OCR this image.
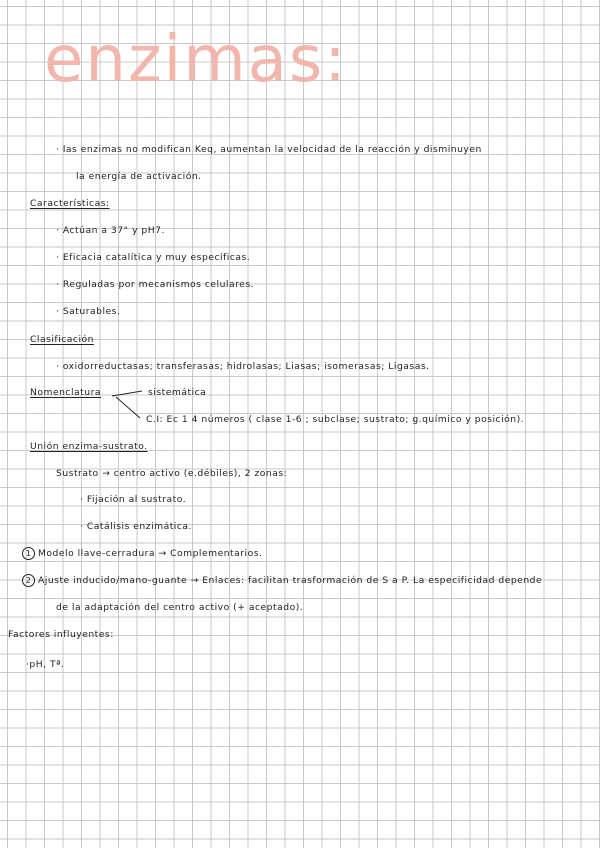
enzimas:
· las enzimas no modifican Keq, aumentan la velocidad de la reacción y disminuyen
la energía de activación.
Características:
· Actúan a 37° y pH7.
· Eficacia catalítica y muy específicas.
· Reguladas por mecanismos celulares.
· Saturables.
Clasificación
· oxidorreductasas; transferasas; hidrolasas; Liasas; isomerasas; Ligasas.
Nomenclatura	sistemática
C.I: Ec 1 4 números ( clase 1-6 ; subclase; sustrato; g.químico y posición).
Unión enzima-sustrato.
Sustrato → centro activo (e.débiles), 2 zonas:
· Fijación al sustrato.
· Catálisis enzimática.
1 Modelo llave-cerradura → Complementarios.
2 Ajuste inducido/mano-guante → Enlaces: facilitan trasformación de S a P. La especificidad depende
de la adaptación del centro activo (+ aceptado).
Factores influyentes:
·pH, Tª.
